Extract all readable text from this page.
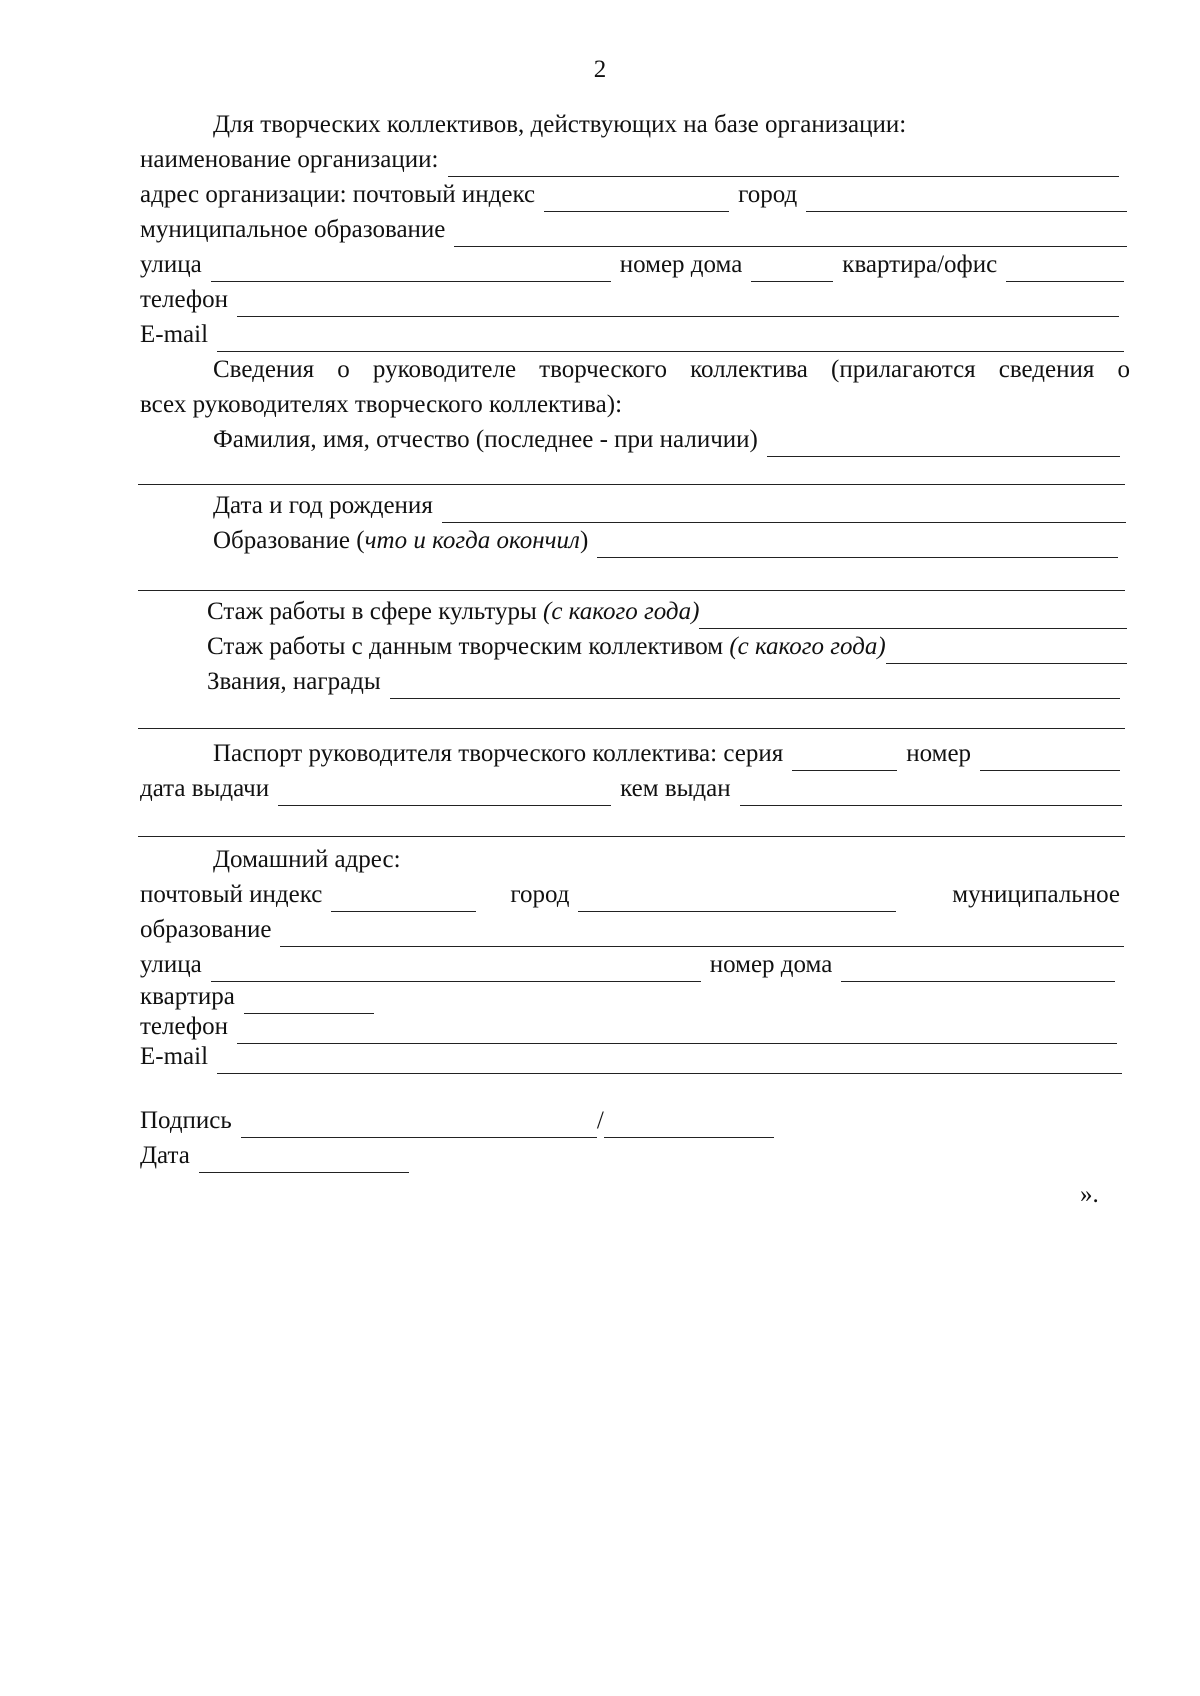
2
Для творческих коллективов, действующих на базе организации:
наименование организации:
адрес организации: почтовый индекс	город
муниципальное образование
улица	номер дома	квартира/офис
телефон
E-mail
Сведения о руководителе творческого коллектива (прилагаются сведения о
всех руководителях творческого коллектива):
Фамилия, имя, отчество (последнее - при наличии)
Дата и год рождения
Образование ( что и когда окончил )
Стаж работы в сфере культуры (с какого года)
Стаж работы с данным творческим коллективом (с какого года)
Звания, награды
Паспорт руководителя творческого коллектива: серия	номер
дата выдачи	кем выдан
Домашний адрес:
почтовый индекс	город	муниципальное
образование
улица	номер дома
квартира
телефон
E-mail
Подпись	/
Дата
».
